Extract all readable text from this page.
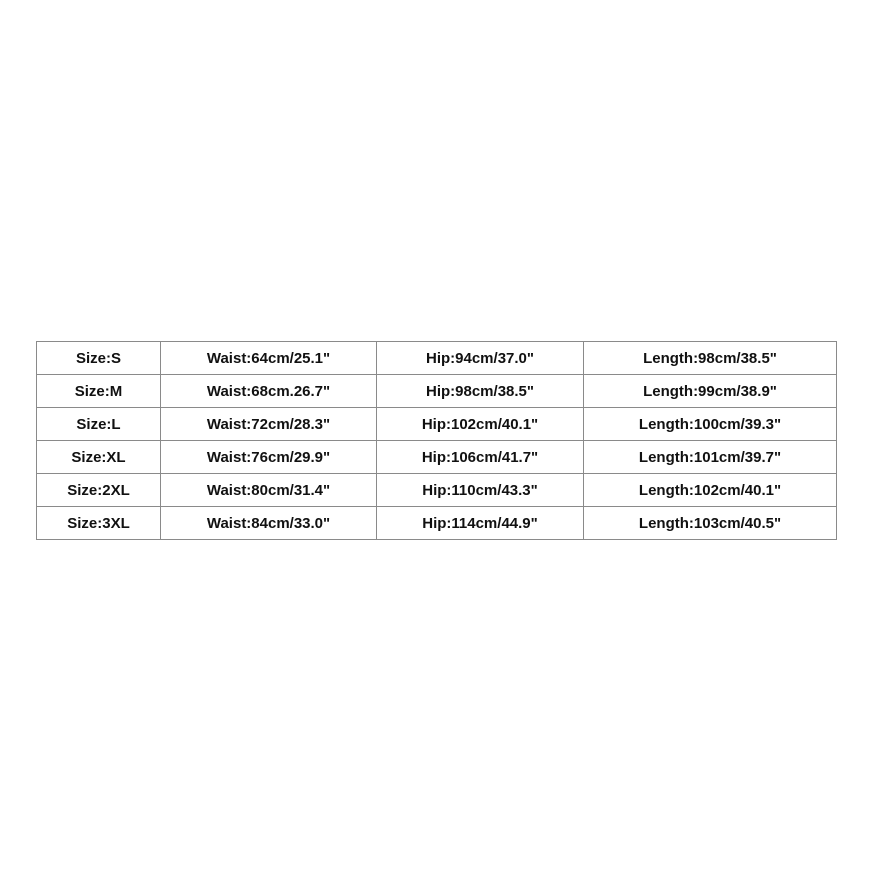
Size:S	Waist:64cm/25.1"	Hip:94cm/37.0"	Length:98cm/38.5"
Size:M	Waist:68cm.26.7"	Hip:98cm/38.5"	Length:99cm/38.9"
Size:L	Waist:72cm/28.3"	Hip:102cm/40.1"	Length:100cm/39.3"
Size:XL	Waist:76cm/29.9"	Hip:106cm/41.7"	Length:101cm/39.7"
Size:2XL	Waist:80cm/31.4"	Hip:110cm/43.3"	Length:102cm/40.1"
Size:3XL	Waist:84cm/33.0"	Hip:114cm/44.9"	Length:103cm/40.5"
